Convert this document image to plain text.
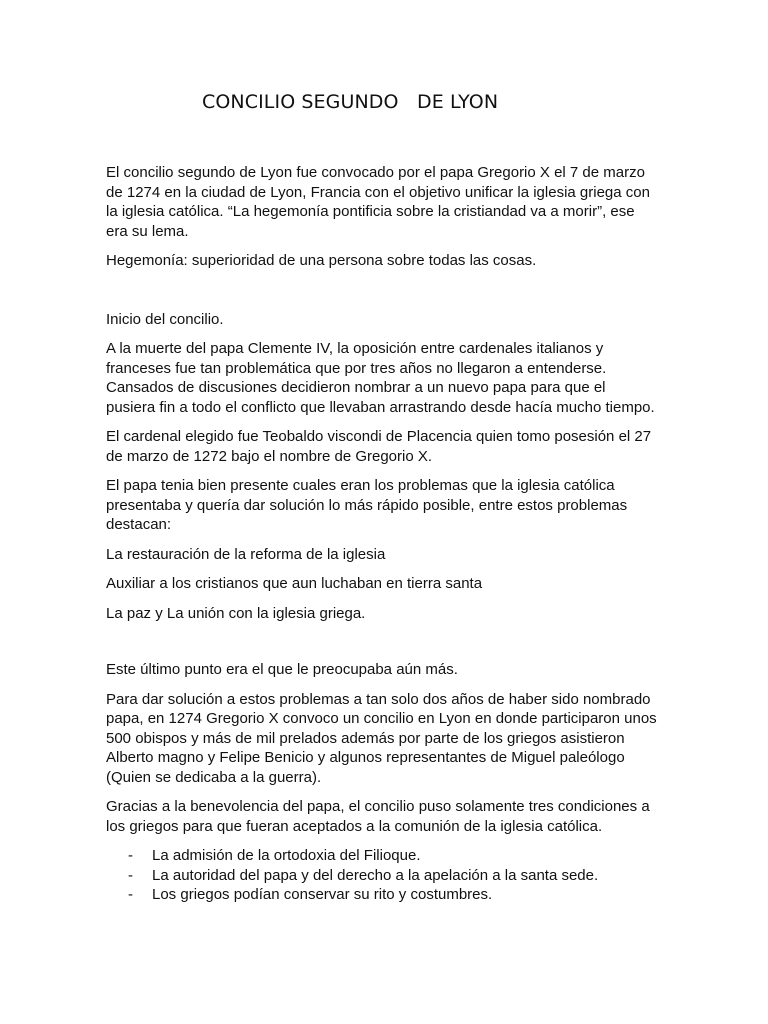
CONCILIO SEGUNDO   DE LYON

El concilio segundo de Lyon fue convocado por el papa Gregorio X el 7 de marzo
de 1274 en la ciudad de Lyon, Francia con el objetivo unificar la iglesia griega con
la iglesia católica. “La hegemonía pontificia sobre la cristiandad va a morir”, ese
era su lema.

Hegemonía: superioridad de una persona sobre todas las cosas.

Inicio del concilio.

A la muerte del papa Clemente IV, la oposición entre cardenales italianos y
franceses fue tan problemática que por tres años no llegaron a entenderse.
Cansados de discusiones decidieron nombrar a un nuevo papa para que el
pusiera fin a todo el conflicto que llevaban arrastrando desde hacía mucho tiempo.

El cardenal elegido fue Teobaldo viscondi de Placencia quien tomo posesión el 27
de marzo de 1272 bajo el nombre de Gregorio X.

El papa tenia bien presente cuales eran los problemas que la iglesia católica
presentaba y quería dar solución lo más rápido posible, entre estos problemas
destacan:

La restauración de la reforma de la iglesia

Auxiliar a los cristianos que aun luchaban en tierra santa

La paz y La unión con la iglesia griega.

Este último punto era el que le preocupaba aún más.

Para dar solución a estos problemas a tan solo dos años de haber sido nombrado
papa, en 1274 Gregorio X convoco un concilio en Lyon en donde participaron unos
500 obispos y más de mil prelados además por parte de los griegos asistieron
Alberto magno y Felipe Benicio y algunos representantes de Miguel paleólogo
(Quien se dedicaba a la guerra).

Gracias a la benevolencia del papa, el concilio puso solamente tres condiciones a
los griegos para que fueran aceptados a la comunión de la iglesia católica.

- La admisión de la ortodoxia del Filioque.
- La autoridad del papa y del derecho a la apelación a la santa sede.
- Los griegos podían conservar su rito y costumbres.
